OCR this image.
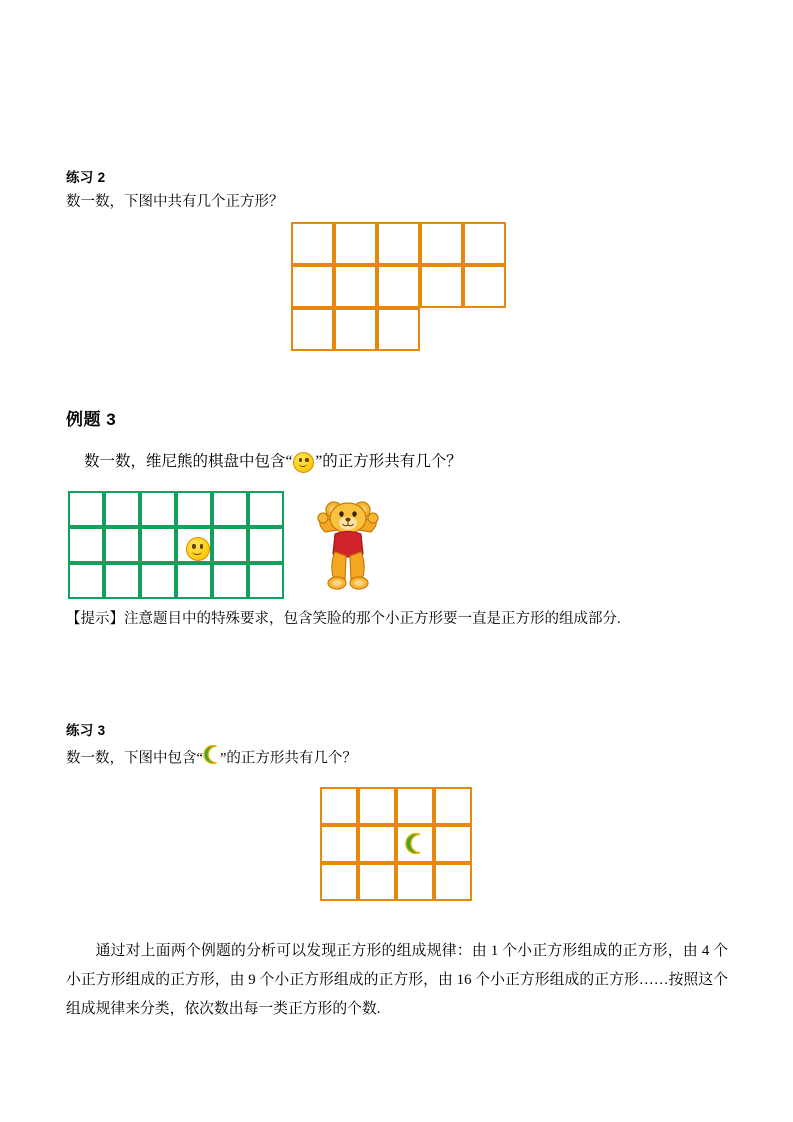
练习 2
数一数，下图中共有几个正方形？
例题 3
数一数，维尼熊的棋盘中包含“ ”的正方形共有几个？
【提示】注意题目中的特殊要求，包含笑脸的那个小正方形要一直是正方形的组成部分.
练习 3
数一数，下图中包含“ ”的正方形共有几个？
通过对上面两个例题的分析可以发现正方形的组成规律：由 1 个小正方形组成的正方形，由 4 个小正方形组成的正方形，由 9 个小正方形组成的正方形，由 16 个小正方形组成的正方形……按照这个组成规律来分类，依次数出每一类正方形的个数.
